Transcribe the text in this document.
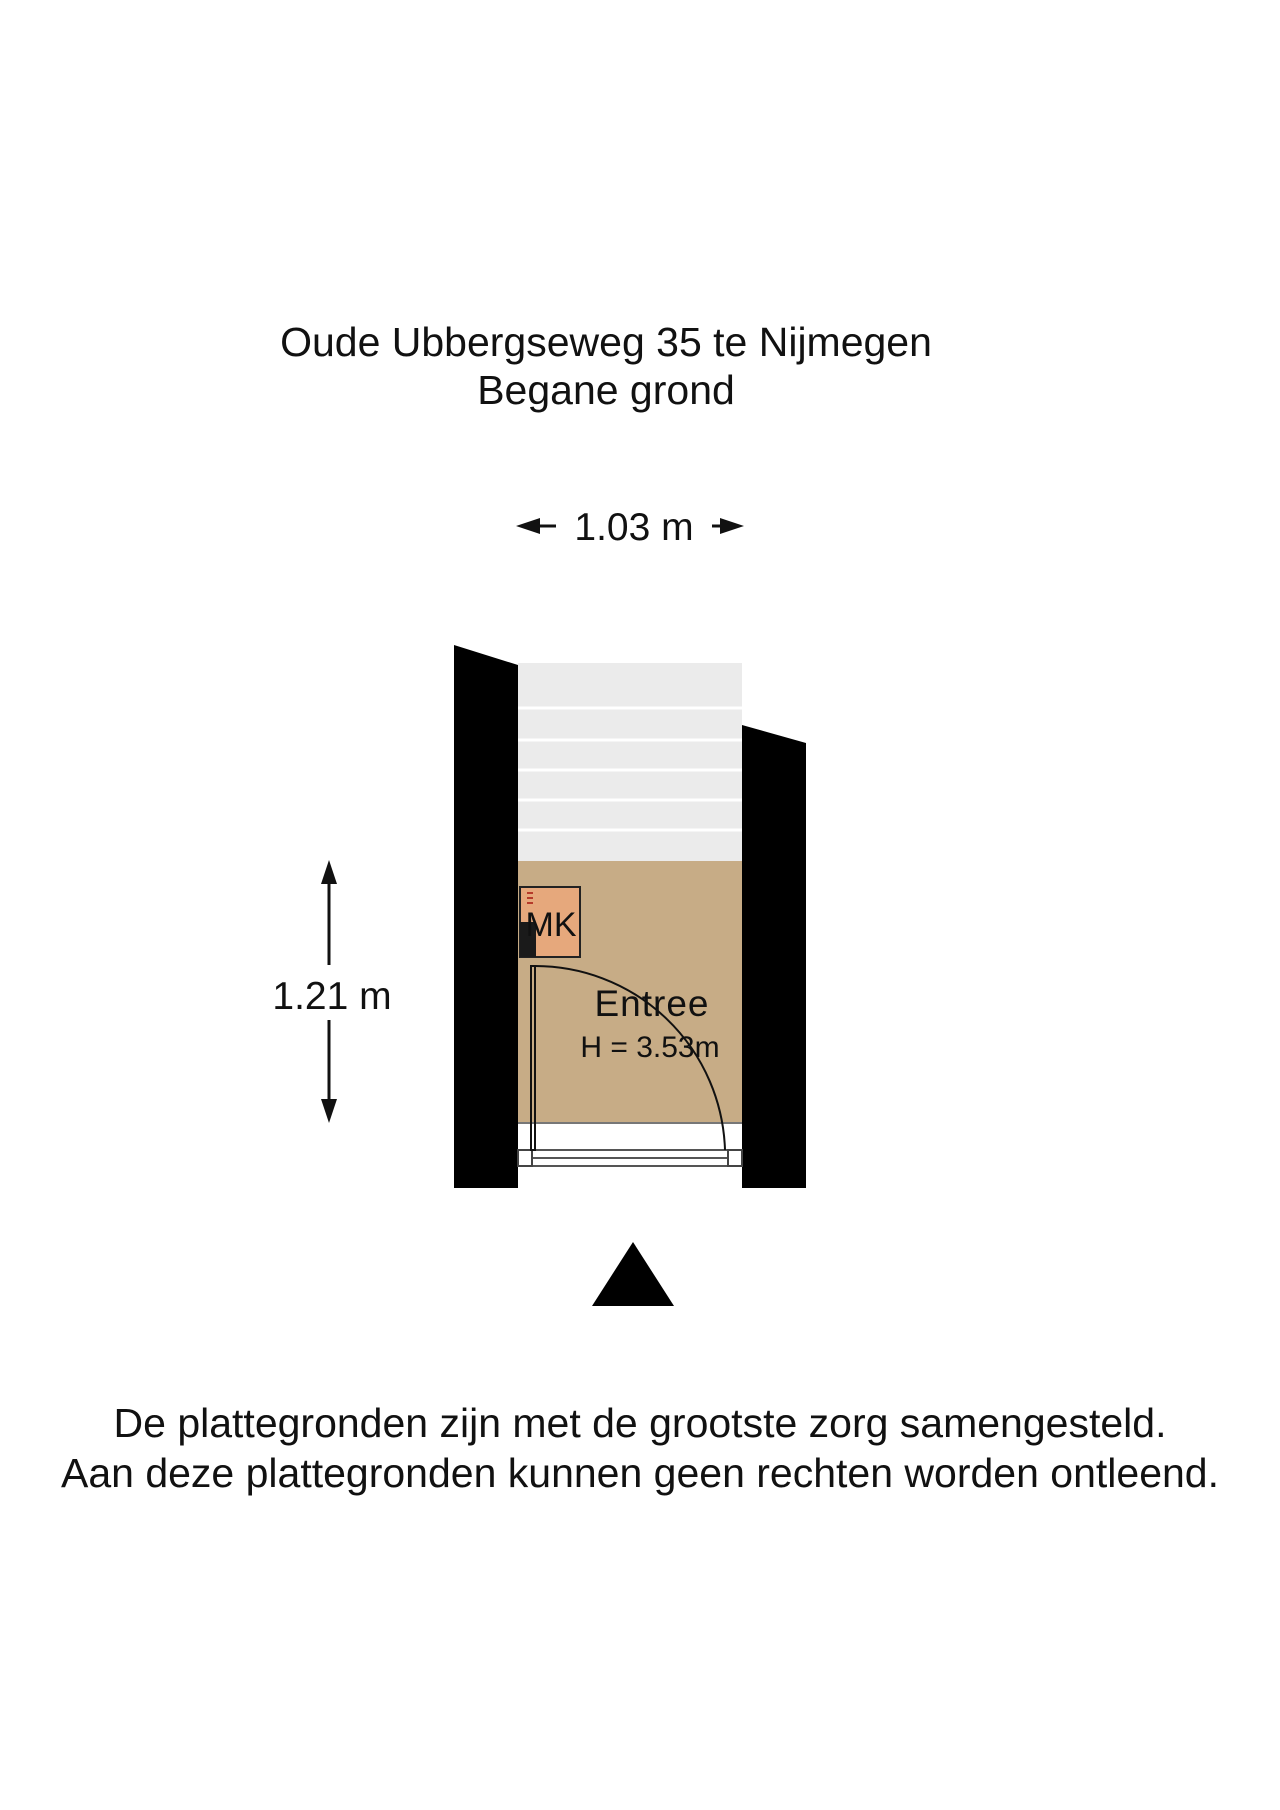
Oude Ubbergseweg 35 te Nijmegen
Begane grond
1.03 m
1.21 m
MK
Entree
H = 3.53m
De plattegronden zijn met de grootste zorg samengesteld.
Aan deze plattegronden kunnen geen rechten worden ontleend.
